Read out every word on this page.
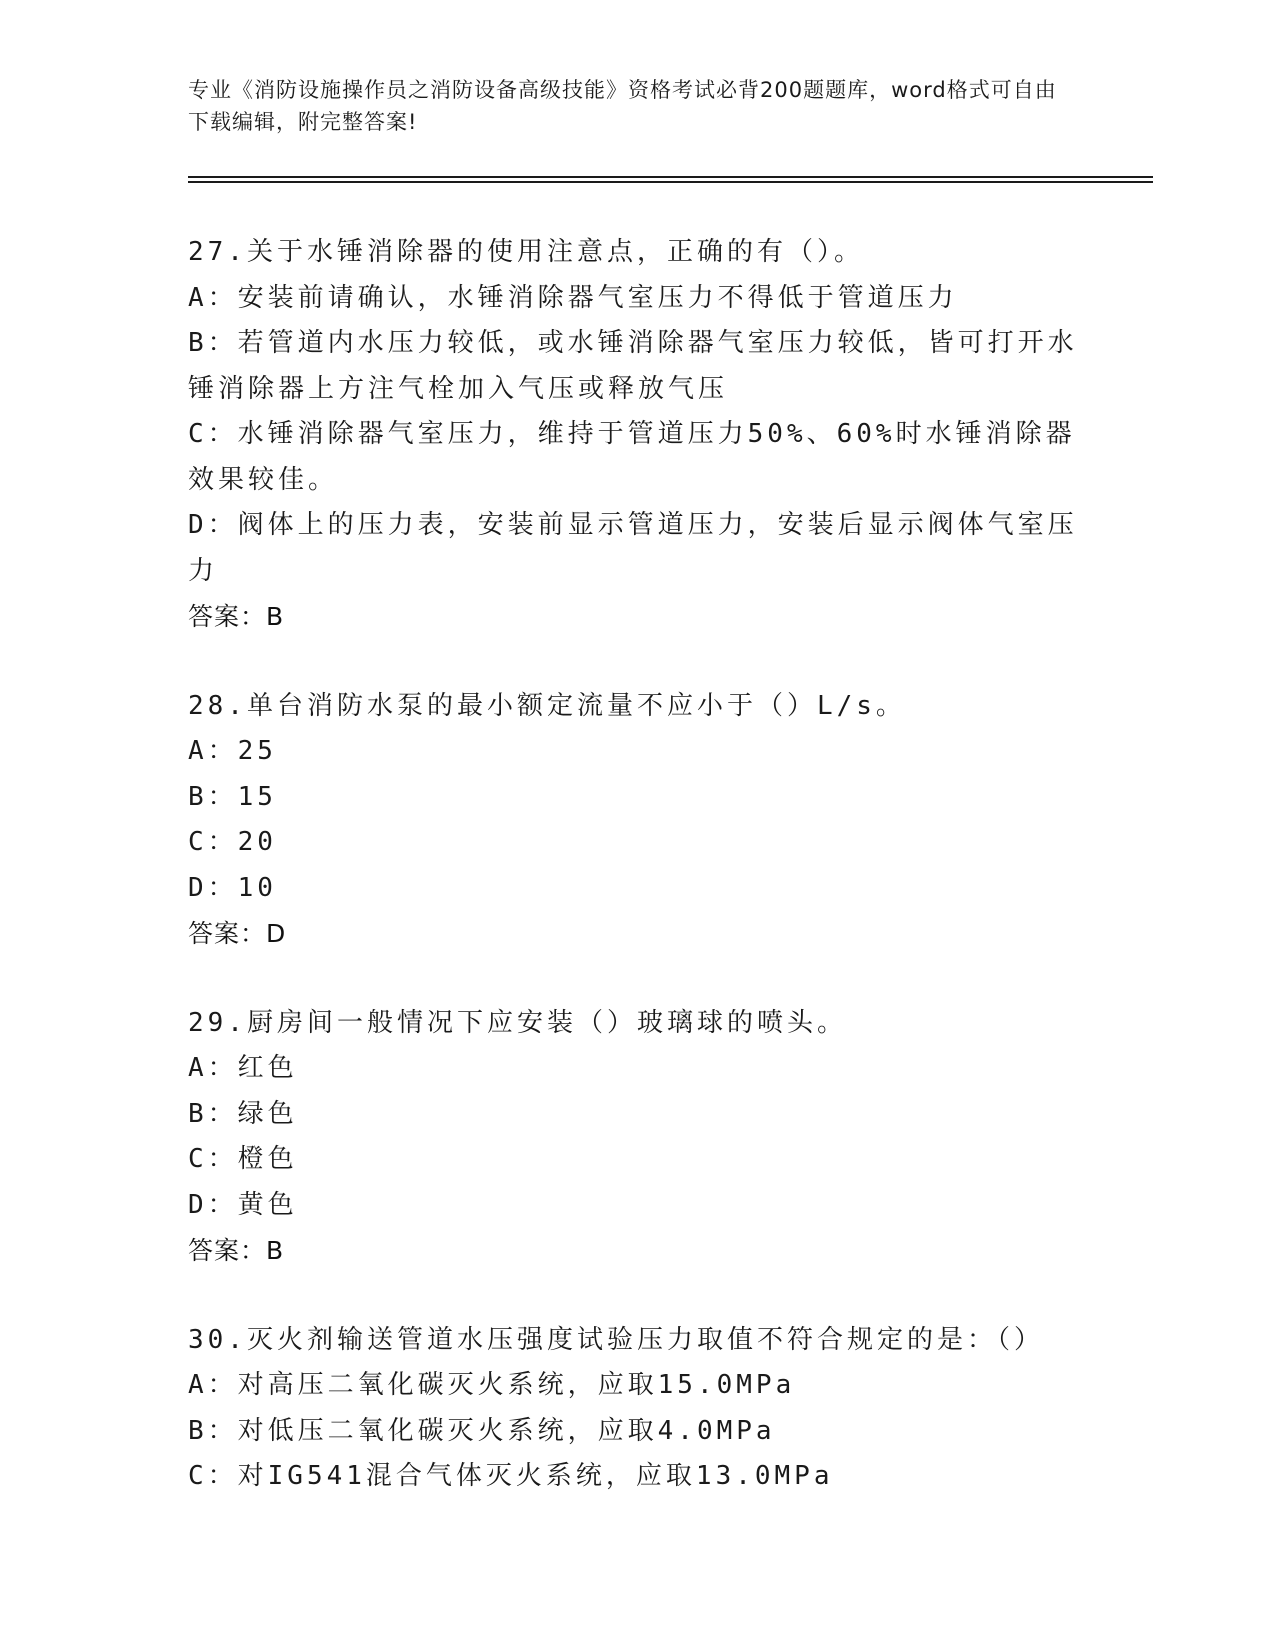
专业《消防设施操作员之消防设备高级技能》资格考试必背200题题库，word格式可自由下载编辑，附完整答案!
27.关于水锤消除器的使用注意点，正确的有（）。
A：安装前请确认，水锤消除器气室压力不得低于管道压力
B：若管道内水压力较低，或水锤消除器气室压力较低，皆可打开水锤消除器上方注气栓加入气压或释放气压
C：水锤消除器气室压力，维持于管道压力50%、60%时水锤消除器效果较佳。
D：阀体上的压力表，安装前显示管道压力，安装后显示阀体气室压力
答案：B
28.单台消防水泵的最小额定流量不应小于（）L/s。
A：25
B：15
C：20
D：10
答案：D
29.厨房间一般情况下应安装（）玻璃球的喷头。
A：红色
B：绿色
C：橙色
D：黄色
答案：B
30.灭火剂输送管道水压强度试验压力取值不符合规定的是：（）
A：对高压二氧化碳灭火系统，应取15.0MPa
B：对低压二氧化碳灭火系统，应取4.0MPa
C：对IG541混合气体灭火系统，应取13.0MPa
